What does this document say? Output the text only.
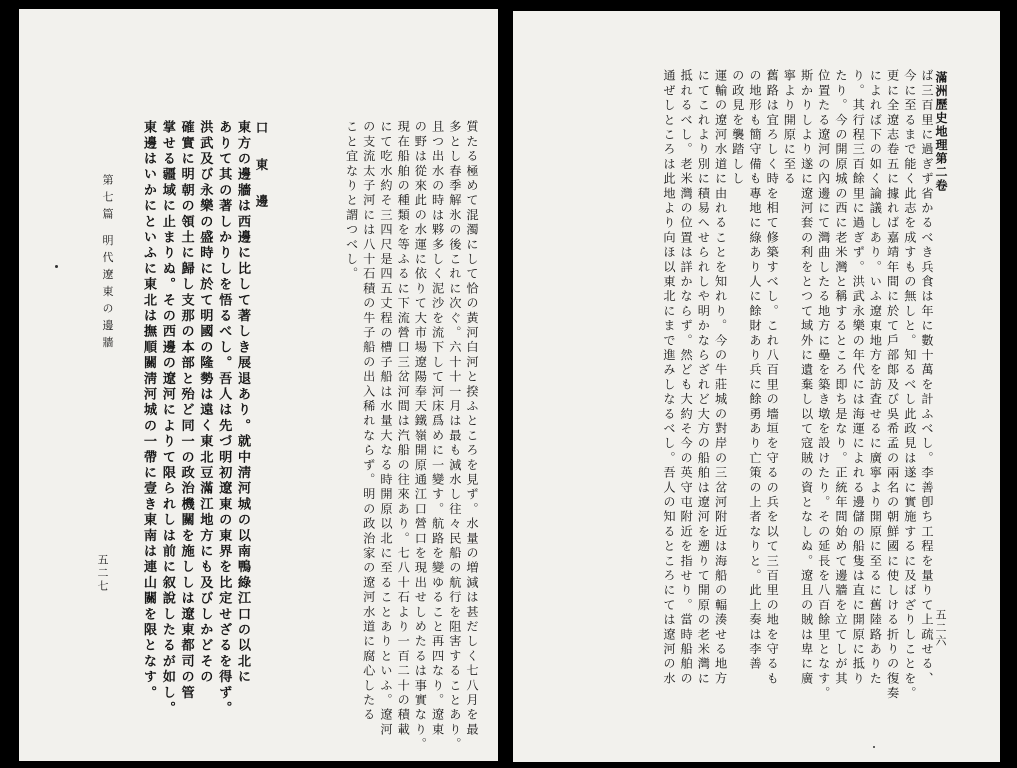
滿洲歷史地理第二卷
五二六
ば三百里に過ぎず省かるべき兵食は年に數十萬を計ふべし。李善卽ち工程を量りて上疏せる、
今に至るまで能く此志を成すもの無しと。知るべし此政見は遂に實施するに及ばざりしことを。
更に全遼志卷五に據れば嘉靖年間に於て戶部郞及び吳希孟の兩名の朝鮮國に使しける折りの復奏
によれば下の如く論議しあり。いふ遼東地方を訪査せるに廣寧より開原に至るに舊陸路ありた
り。其行程三百餘里に過ぎず。洪武永樂の年代には海運によれる邊儲の船隻は直に開原に抵り
たり。今の開原城の西に老米灣と稱するところ即ち是なり。正統年間始めて邊牆を立てしが其
位置たる遼河の內邊にて灣曲したる地方に壘を築き墩を設けたり。その延長を八百餘里となす。
斯かりしより遂に遼河套の利をとつて域外に遺棄し以て寇賊の資となしぬ。遼且の賊は卑に廣
寧より開原に至る
舊路は宜ろしく時を相て修築すべし。これ八百里の墻垣を守るの兵を以て三百里の地を守るも
の地形も簡守備も專地に綠あり人に餘財あり兵に餘勇あり亡策の上者なりと。此上奏は李善
の政見を襲踏しし
運輸の遼河水道に由れることを知れり。今の牛莊城の對岸の三岔河附近は海船の輻湊せる地方
にてこれより別に積易へせられしや明かならざれど大方の船舶は遼河を遡りて開原の老米灣に
抵れるべし。老米灣の位置は詳かならず。然ども大約そ今の英守屯附近を指せり。當時船舶の
通ぜしところは此地より向ほ以東北にまで進みしなるべし。吾人の知るところにては遼河の水
質たる極めて混濁にして恰の黃河白河と揆ふところを見ず。水量の増減は甚だしく七八月を最
多とし春季解氷の後これに次ぐ。六十十一月は最も減水し往々民船の航行を阻害することあり。
且つ出水の時は夥多しく泥沙を流下して河床爲めに一變す。航路を變ゆること再四なり。遼東
の野は從來此の水運に依りて大市場遼陽奉天鐵嶺開原通江口營口を現出せしめたるは事實なり。
現在船舶の種類を等ふるに下流營口三岔河間は汽船の往來あり。七八十石より一百二十の積載
にて吃水約そ三四尺是四五丈程の槽子船は水量大なる時開原以北に至ることありといふ。遼河
の支流太子河には八十石積の牛子船の出入稀れならず。明の政治家の遼河水道に腐心したる
こと宜なりと謂つべし。
口 東 邊
東方の邊牆は西邊に比して著しき展退あり。就中淸河城の以南鴨綠江口の以北に
ありて其の著しかりしを悟るべし。吾人は先づ明初遼東の東界を比定せざるを得ず。
洪武及び永樂の盛時に於て明國の隆勢は遠く東北豆滿江地方にも及びしかどその
確實に明朝の領土に歸し支那の本部と殆ど同一の政治機關を施ししは遼東都司の管
掌せる疆域に止まりぬ。その西邊の遼河によりて限られしは前に叙說したるが如し。
東邊はいかにといふに東北は撫順關淸河城の一帶に壹き東南は連山關を限となす。
第七篇 明代遼東の邊牆
五二七
